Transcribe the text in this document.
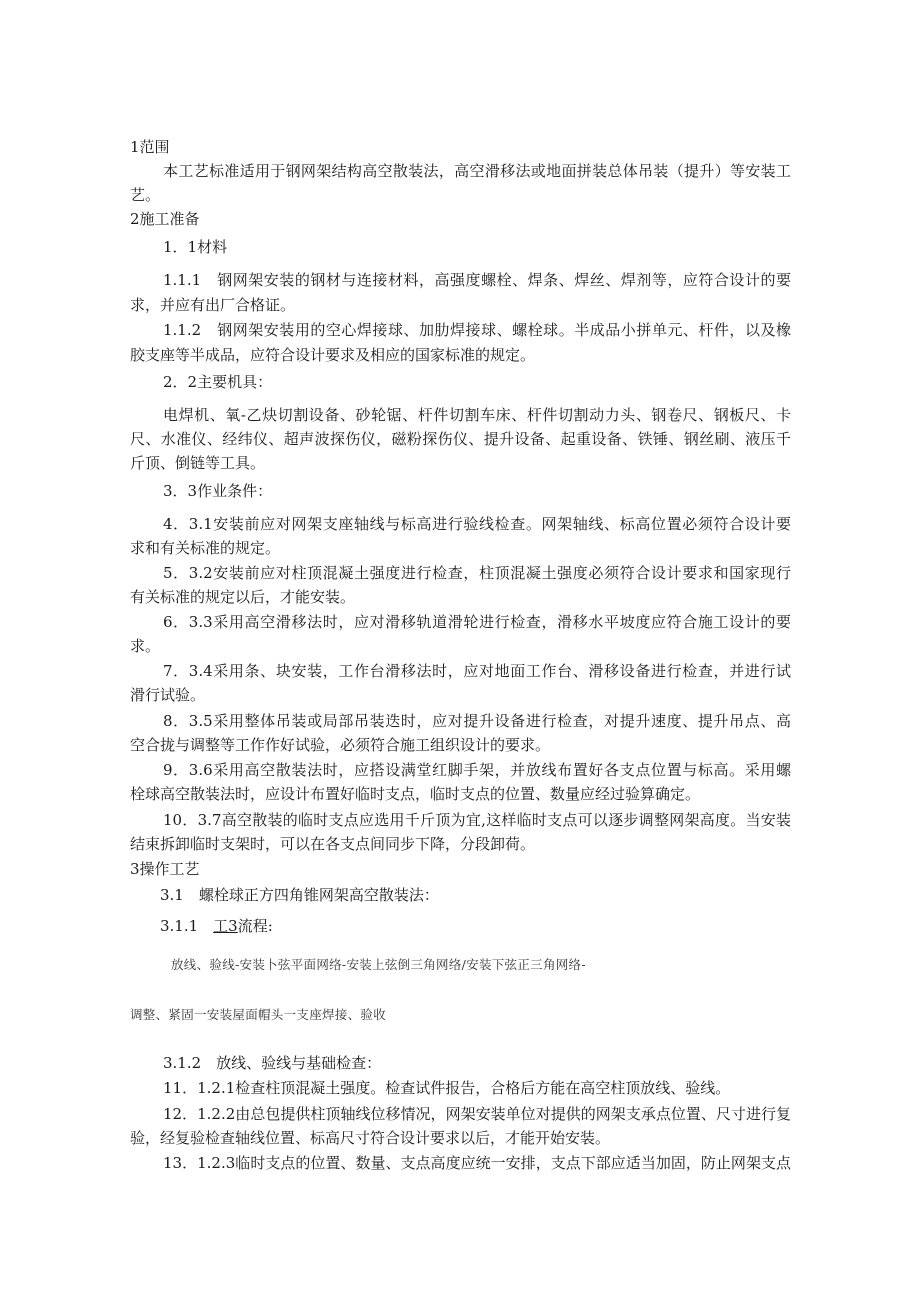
1范围
本工艺标准适用于钢网架结构高空散装法，高空滑移法或地面拼装总体吊装（提升）等安装工
艺。
2施工准备
1．1材料
1.1.1　钢网架安装的钢材与连接材料，高强度螺栓、焊条、焊丝、焊剂等，应符合设计的要
求，并应有出厂合格证。
1.1.2　钢网架安装用的空心焊接球、加肋焊接球、螺栓球。半成品小拼单元、杆件，以及橡
胶支座等半成品，应符合设计要求及相应的国家标准的规定。
2．2主要机具：
电焊机、氧-乙炔切割设备、砂轮锯、杆件切割车床、杆件切割动力头、钢卷尺、钢板尺、卡
尺、水准仪、经纬仪、超声波探伤仪，磁粉探伤仪、提升设备、起重设备、铁锤、钢丝刷、液压千
斤顶、倒链等工具。
3．3作业条件：
4．3.1安装前应对网架支座轴线与标高进行验线检查。网架轴线、标高位置必须符合设计要
求和有关标准的规定。
5．3.2安装前应对柱顶混凝土强度进行检查，柱顶混凝土强度必须符合设计要求和国家现行
有关标准的规定以后，才能安装。
6．3.3采用高空滑移法时，应对滑移轨道滑轮进行检查，滑移水平坡度应符合施工设计的要
求。
7．3.4采用条、块安装，工作台滑移法时，应对地面工作台、滑移设备进行检查，并进行试
滑行试验。
8．3.5采用整体吊装或局部吊装迭时，应对提升设备进行检查，对提升速度、提升吊点、高
空合拢与调整等工作作好试验，必须符合施工组织设计的要求。
9．3.6采用高空散装法时，应搭设满堂红脚手架，并放线布置好各支点位置与标高。采用螺
栓球高空散装法时，应设计布置好临时支点，临时支点的位置、数量应经过验算确定。
10．3.7高空散装的临时支点应选用千斤顶为宜,这样临时支点可以逐步调整网架高度。当安装
结束拆卸临时支架时，可以在各支点间同步下降，分段卸荷。
3操作工艺
3.1　螺栓球正方四角锥网架高空散装法：
3.1.1　工3流程:
放线、验线-安装卜弦平面网络-安装上弦倒三角网络/安装下弦正三角网络-
调整、紧固一安装屋面帽头一支座焊接、验收
3.1.2　放线、验线与基础检查：
11．1.2.1检查柱顶混凝土强度。检查试件报告，合格后方能在高空柱顶放线、验线。
12．1.2.2由总包提供柱顶轴线位移情况，网架安装单位对提供的网架支承点位置、尺寸进行复
验，经复验检查轴线位置、标高尺寸符合设计要求以后，才能开始安装。
13．1.2.3临时支点的位置、数量、支点高度应统一安排，支点下部应适当加固，防止网架支点
